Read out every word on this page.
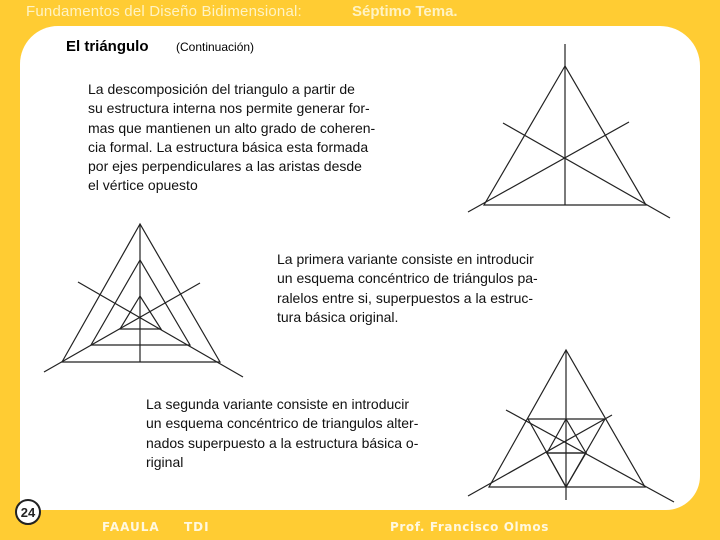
Fundamentos del Diseño Bidimensional:	Séptimo Tema.
El triángulo (Continuación)
La descomposición del triangulo a partir de
su estructura interna nos permite generar for-
mas que mantienen un alto grado de coheren-
cia formal. La estructura básica esta formada
por ejes perpendiculares a las aristas desde
el vértice opuesto
La primera variante consiste en introducir
un esquema concéntrico de triángulos pa-
ralelos entre si, superpuestos a la estruc-
tura básica original.
La segunda variante consiste en introducir
un esquema concéntrico de triangulos alter-
nados superpuesto a la estructura básica o-
riginal
24
FAAULA TDI	Prof. Francisco Olmos
